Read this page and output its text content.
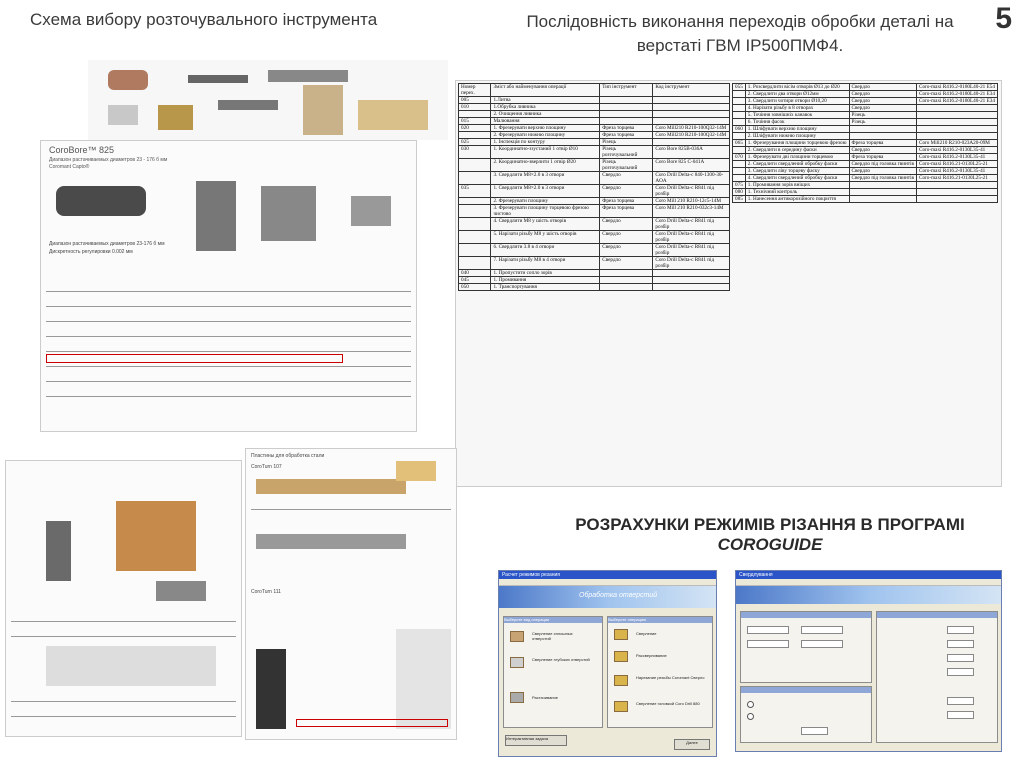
Схема вибору розточувального інструмента	Послідовність виконання переходів обробки деталі на
верстаті ГВМ IP500ПМФ4.
5
CoroBore™ 825
Диапазон растачиваемых диаметров 23 - 176 б мм
Coromant Capto®
Диапазон растачиваемых диаметров 23-176 б мм
Дискретность регулировки 0.002 мм
Номер перех.	Зміст або найменування операції	Тип інструмент	Код інструмент
005	1.Литва		
010	1.Обрубка ливника		
	2. Очищення ливника		
015	Малювання		
020	1. Фрезерувати верхню площину	Фреза торцева	Coro Mill210 R210-100Q32-14М
	2. Фрезерувати нижню площину	Фреза торцева	Coro Mill210 R210-100Q32-14М
025	1. Інспекція по контуру	Різець	
030	1. Координатно-ззустаний 1 отвір Ø10	Різець розточувальний	Coro Bore 825B-036A
	2. Координатно-зверлити 1 отвір Ø20	Різець розточувальний	Coro Bore 825 C-041A
	3. Свердлити М8×2.0 в 3 отвори	Свердло	Coro Drill Delta-c 840-1300-30-AOA
035	1. Свердлити М8×2.0 в 3 отвори	Свердло	Coro Drill Delta-c R841 під розбір
	2. Фрезерувати площину	Фреза торцева	Coro Mill 210 R210-12c5-14М
	3. Фрезерувати площину торцевою фрезою чистово	Фреза торцева	Coro Mill 210 R210-032c3-14М
	4. Свердлити М8 у шість отворів	Свердло	Coro Drill Delta-c R841 під розбір
	5. Нарізати різьбу М8 у шість отворів	Свердло	Coro Drill Delta-c R841 під розбір
	6. Свердлити 3.8 в 4 отвори	Свердло	Coro Drill Delta-c R841 під розбір
	7. Нарізати різьбу М8 в 4 отвори	Свердло	Coro Drill Delta-c R841 під розбір
040	1. Пропустити сопло зорів		
045	1. Промивання		
050	1. Транспортування		
055	1. Розсвердлити вісім отворів Ø13 до Ø20	Свердло	Coro-maxi R416.2-0180L40-21 E54
	2. Свердлити два отвори Ø12мм	Свердло	Coro-maxi R416.2-0180L40-21 E34
	3. Свердлити чотири отвори Ø10,20	Свердло	Coro-maxi R416.2-0180L40-21 E34
	4. Нарізати різьбу в 8 отворах	Свердло	
	5. Точіння зовнішніх канавок	Різець	
	6. Точіння фасок	Різець	
060	1. Шліфувати верхню площину		
	2. Шліфувати нижню площину		
065	1. Фрезерування площини торцевою фрезою	Фреза торцева	Coro Mill210 R210-023A20-09M
	2. Свердлити в середину фаски	Свердло	Coro-maxi R416.2-0130L35-41
070	1. Фрезерувати дві площини торцевою	Фреза торцева	Coro-maxi R416.2-0130L35-41
	2. Свердлити свердлений обробку фаски	Свердло під головка гвинтів	Coro-maxi R416.21-0130L25-21
	3. Свердлити ліву торцеву фаску	Свердло	Coro-maxi R416.2-0130L35-41
	4. Свердлити свердлений обробку фаски	Свердло під головка гвинтів	Coro-maxi R416.21-0130L25-21
075	1. Промивання зорів вніщих		
080	1. Технічний контроль		
085	1. Нанесення антикорозійного покриття		
Пластины для обработка стали
CoroTurn 107
CoroTurn 111
РОЗРАХУНКИ РЕЖИМІВ РІЗАННЯ В ПРОГРАМІ
COROGUIDE
Расчет режимов резания
Обработка отверстий
Выберите вид операции
Сверление сплошных отверстий
Сверление глубоких отверстий
Растачивание
Выберите операцию
Сверление
Рассверливание
Нарезание резьбы Coromant Сверло
Сверление головкой Coro Drill 880
Интерактивная задача
Далее
Свердлування
